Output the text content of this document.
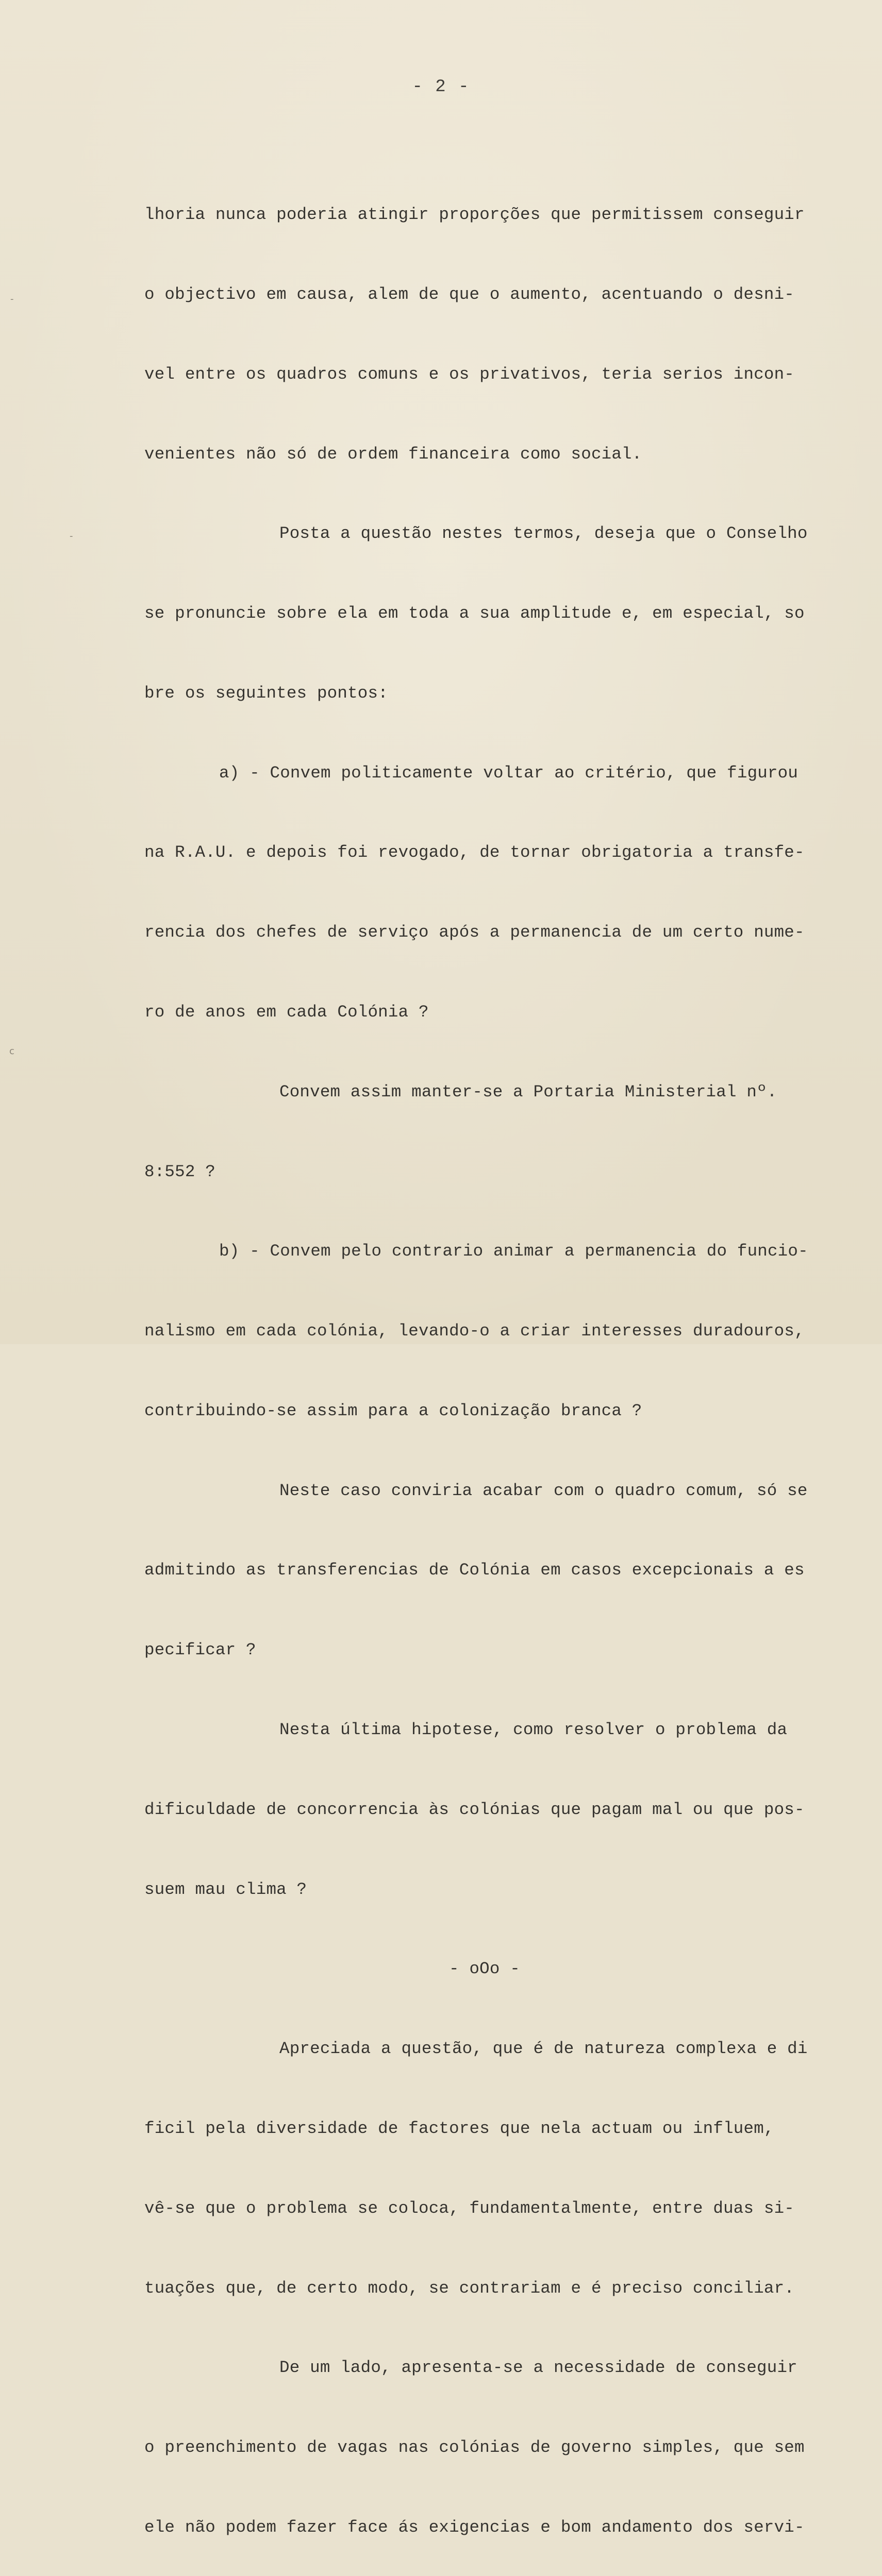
- 2 -
-
-
c

lhoria nunca poderia atingir proporções que permitissem conseguir

o objectivo em causa, alem de que o aumento, acentuando o desni-

vel entre os quadros comuns e os privativos, teria serios incon-

venientes não só de ordem financeira como social.

Posta a questão nestes termos, deseja que o Conselho

se pronuncie sobre ela em toda a sua amplitude e, em especial, so

bre os seguintes pontos:

a) - Convem politicamente voltar ao critério, que figurou

na R.A.U. e depois foi revogado, de tornar obrigatoria a transfe-

rencia dos chefes de serviço após a permanencia de um certo nume-

ro de anos em cada Colónia ?

Convem assim manter-se a Portaria Ministerial nº.

8:552 ?

b) - Convem pelo contrario animar a permanencia do funcio-

nalismo em cada colónia, levando-o a criar interesses duradouros,

contribuindo-se assim para a colonização branca ?

Neste caso conviria acabar com o quadro comum, só se

admitindo as transferencias de Colónia em casos excepcionais a es

pecificar ?

Nesta última hipotese, como resolver o problema da

dificuldade de concorrencia às colónias que pagam mal ou que pos-

suem mau clima ?

- oOo -

Apreciada a questão, que é de natureza complexa e di

ficil pela diversidade de factores que nela actuam ou influem,

vê-se que o problema se coloca, fundamentalmente, entre duas si-

tuações que, de certo modo, se contrariam e é preciso conciliar.

De um lado, apresenta-se a necessidade de conseguir

o preenchimento de vagas nas colónias de governo simples, que sem

ele não podem fazer face ás exigencias e bom andamento dos servi-
